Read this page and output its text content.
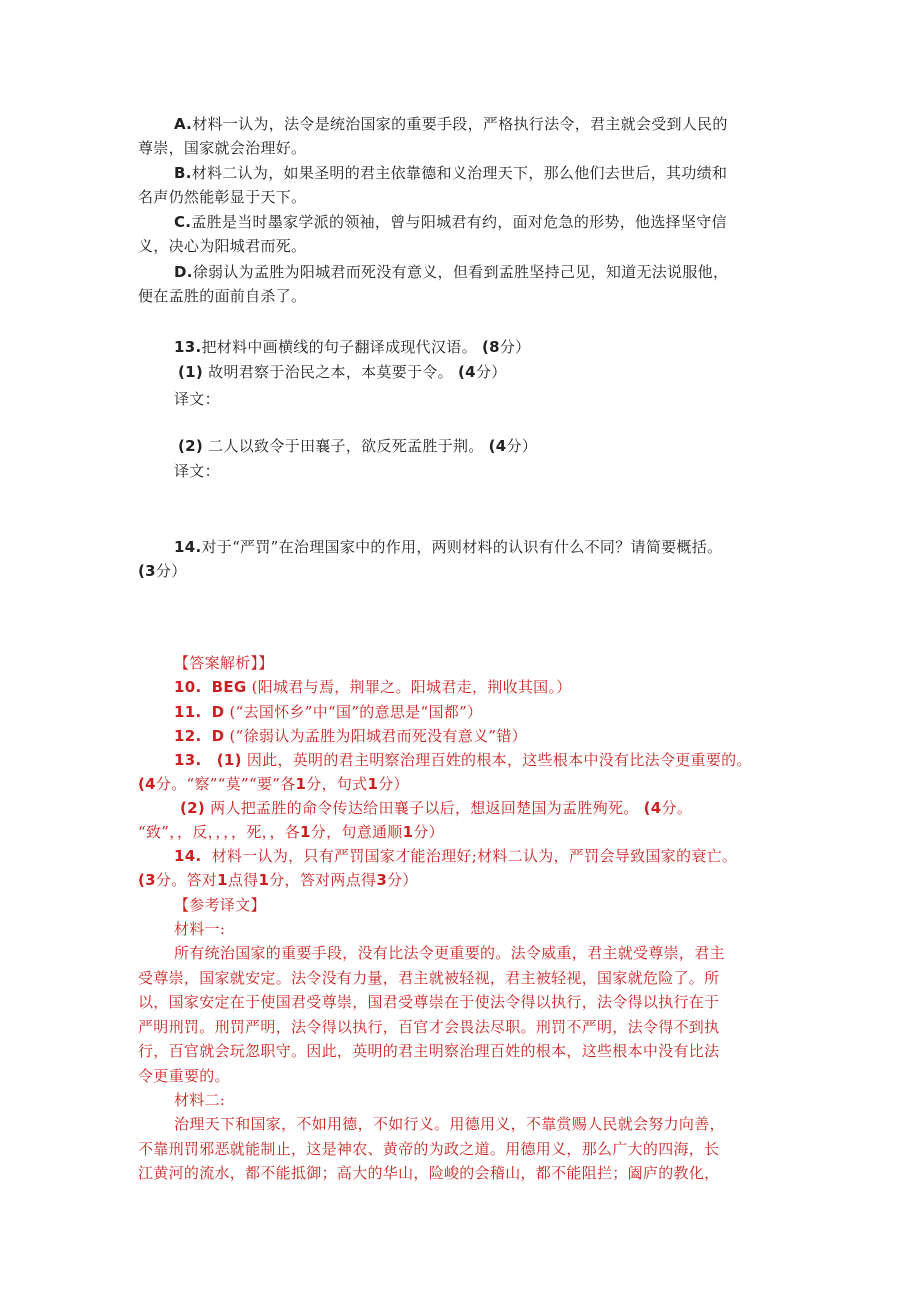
A.材料一认为，法令是统治国家的重要手段，严格执行法令，君主就会受到人民的
尊崇，国家就会治理好。
B.材料二认为，如果圣明的君主依靠德和义治理天下，那么他们去世后，其功绩和
名声仍然能彰显于天下。
C.孟胜是当时墨家学派的领袖，曾与阳城君有约，面对危急的形势，他选择坚守信
义，决心为阳城君而死。
D.徐弱认为孟胜为阳城君而死没有意义，但看到孟胜坚持己见，知道无法说服他，
便在孟胜的面前自杀了。
13.把材料中画横线的句子翻译成现代汉语。 (8分）
(1) 故明君察于治民之本，本莫要于令。 (4分）
译文：
(2) 二人以致令于田襄子，欲反死孟胜于荆。 (4分）
译文：
14.对于“严罚”在治理国家中的作用，两则材料的认识有什么不同？请简要概括。
(3分）
【答案解析】】
10. BEG (阳城君与焉，荆罪之。阳城君走，荆收其国。）
11. D (“去国怀乡”中“国”的意思是“国都”）
12. D (“徐弱认为孟胜为阳城君而死没有意义”错）
13. (1) 因此，英明的君主明察治理百姓的根本，这些根本中没有比法令更重要的。
(4分。“察”“莫”“要”各1分，句式1分）
(2) 两人把孟胜的命令传达给田襄子以后，想返回楚国为孟胜殉死。 (4分。
“致”，，反，，，，死，，各1分，句意通顺1分）
14. 材料一认为，只有严罚国家才能治理好;材料二认为，严罚会导致国家的衰亡。
(3分。答对1点得1分，答对两点得3分）
【参考译文】
材料一:
所有统治国家的重要手段，没有比法令更重要的。法令威重，君主就受尊崇，君主
受尊崇，国家就安定。法令没有力量，君主就被轻视，君主被轻视，国家就危险了。所
以，国家安定在于使国君受尊崇，国君受尊崇在于使法令得以执行，法令得以执行在于
严明刑罚。刑罚严明，法令得以执行，百官才会畏法尽职。刑罚不严明，法令得不到执
行，百官就会玩忽职守。因此，英明的君主明察治理百姓的根本，这些根本中没有比法
令更重要的。
材料二:
治理天下和国家，不如用德，不如行义。用德用义，不靠赏赐人民就会努力向善，
不靠刑罚邪恶就能制止，这是神农、黄帝的为政之道。用德用义，那么广大的四海，长
江黄河的流水，都不能抵御；高大的华山，险峻的会稽山，都不能阻拦；阖庐的教化，
